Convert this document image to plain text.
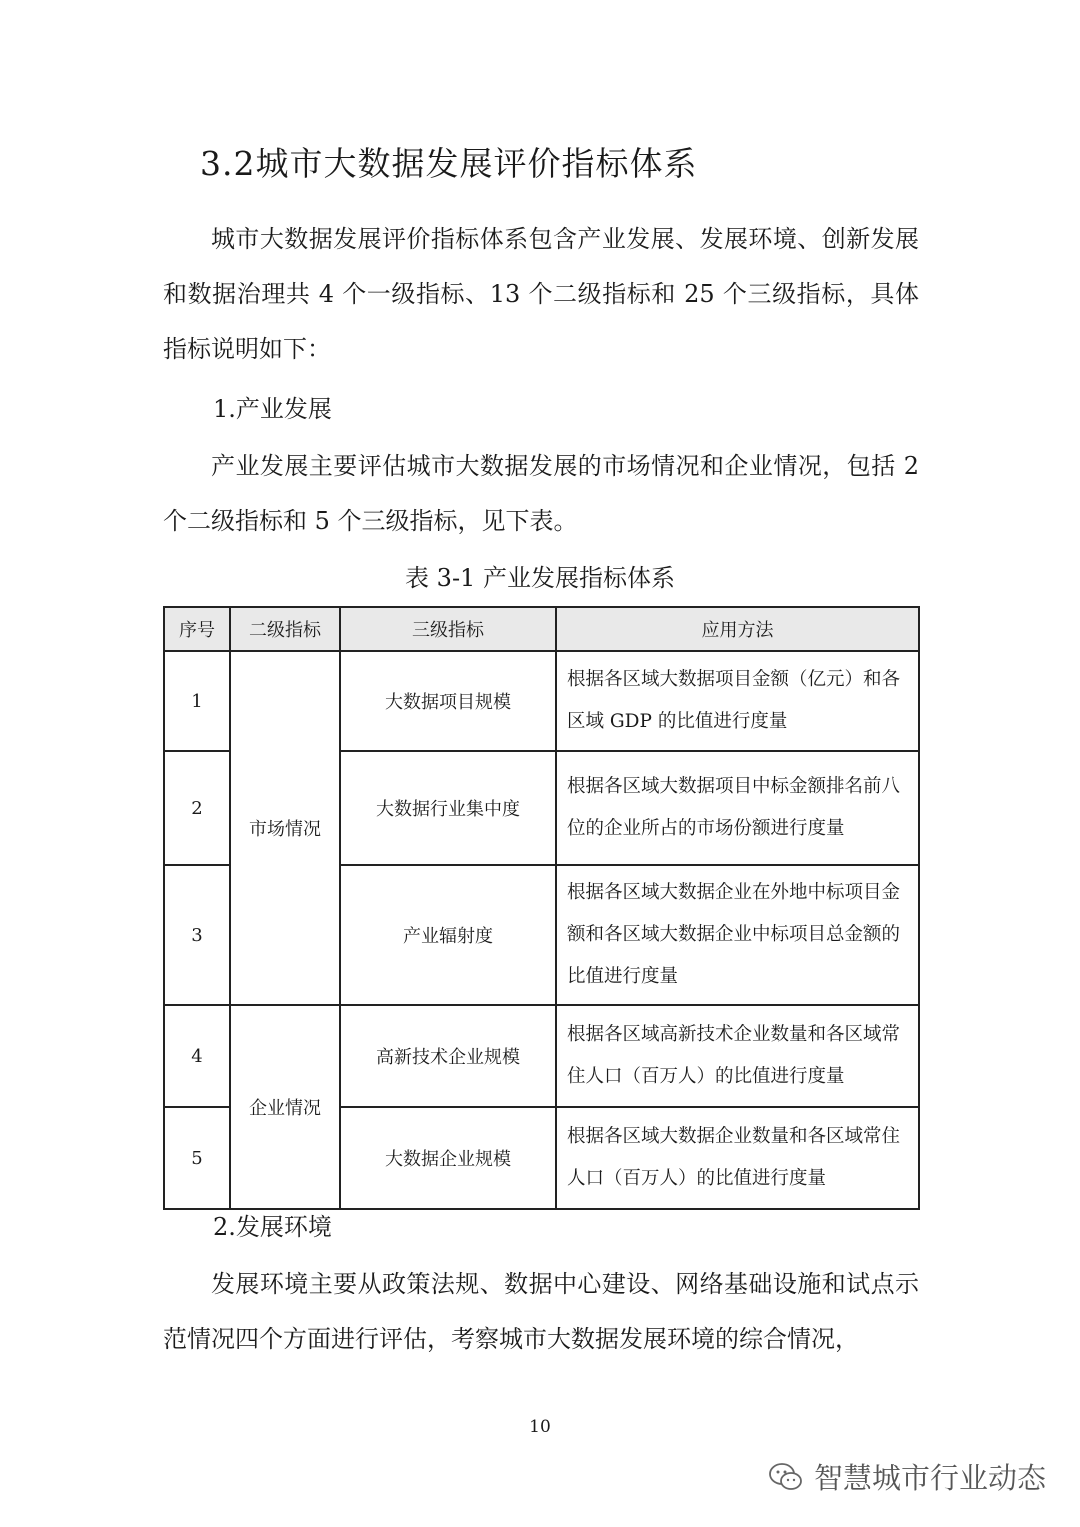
3.2城市大数据发展评价指标体系

城市大数据发展评价指标体系包含产业发展、发展环境、创新发展和数据治理共 4 个一级指标、13 个二级指标和 25 个三级指标，具体指标说明如下：

1.产业发展

产业发展主要评估城市大数据发展的市场情况和企业情况，包括 2 个二级指标和 5 个三级指标，见下表。

表 3-1 产业发展指标体系

序号	二级指标	三级指标	应用方法
1	市场情况	大数据项目规模	根据各区域大数据项目金额（亿元）和各区域 GDP 的比值进行度量
2		大数据行业集中度	根据各区域大数据项目中标金额排名前八位的企业所占的市场份额进行度量
3		产业辐射度	根据各区域大数据企业在外地中标项目金额和各区域大数据企业中标项目总金额的比值进行度量
4	企业情况	高新技术企业规模	根据各区域高新技术企业数量和各区域常住人口（百万人）的比值进行度量
5		大数据企业规模	根据各区域大数据企业数量和各区域常住人口（百万人）的比值进行度量

2.发展环境

发展环境主要从政策法规、数据中心建设、网络基础设施和试点示范情况四个方面进行评估，考察城市大数据发展环境的综合情况，

10
智慧城市行业动态
